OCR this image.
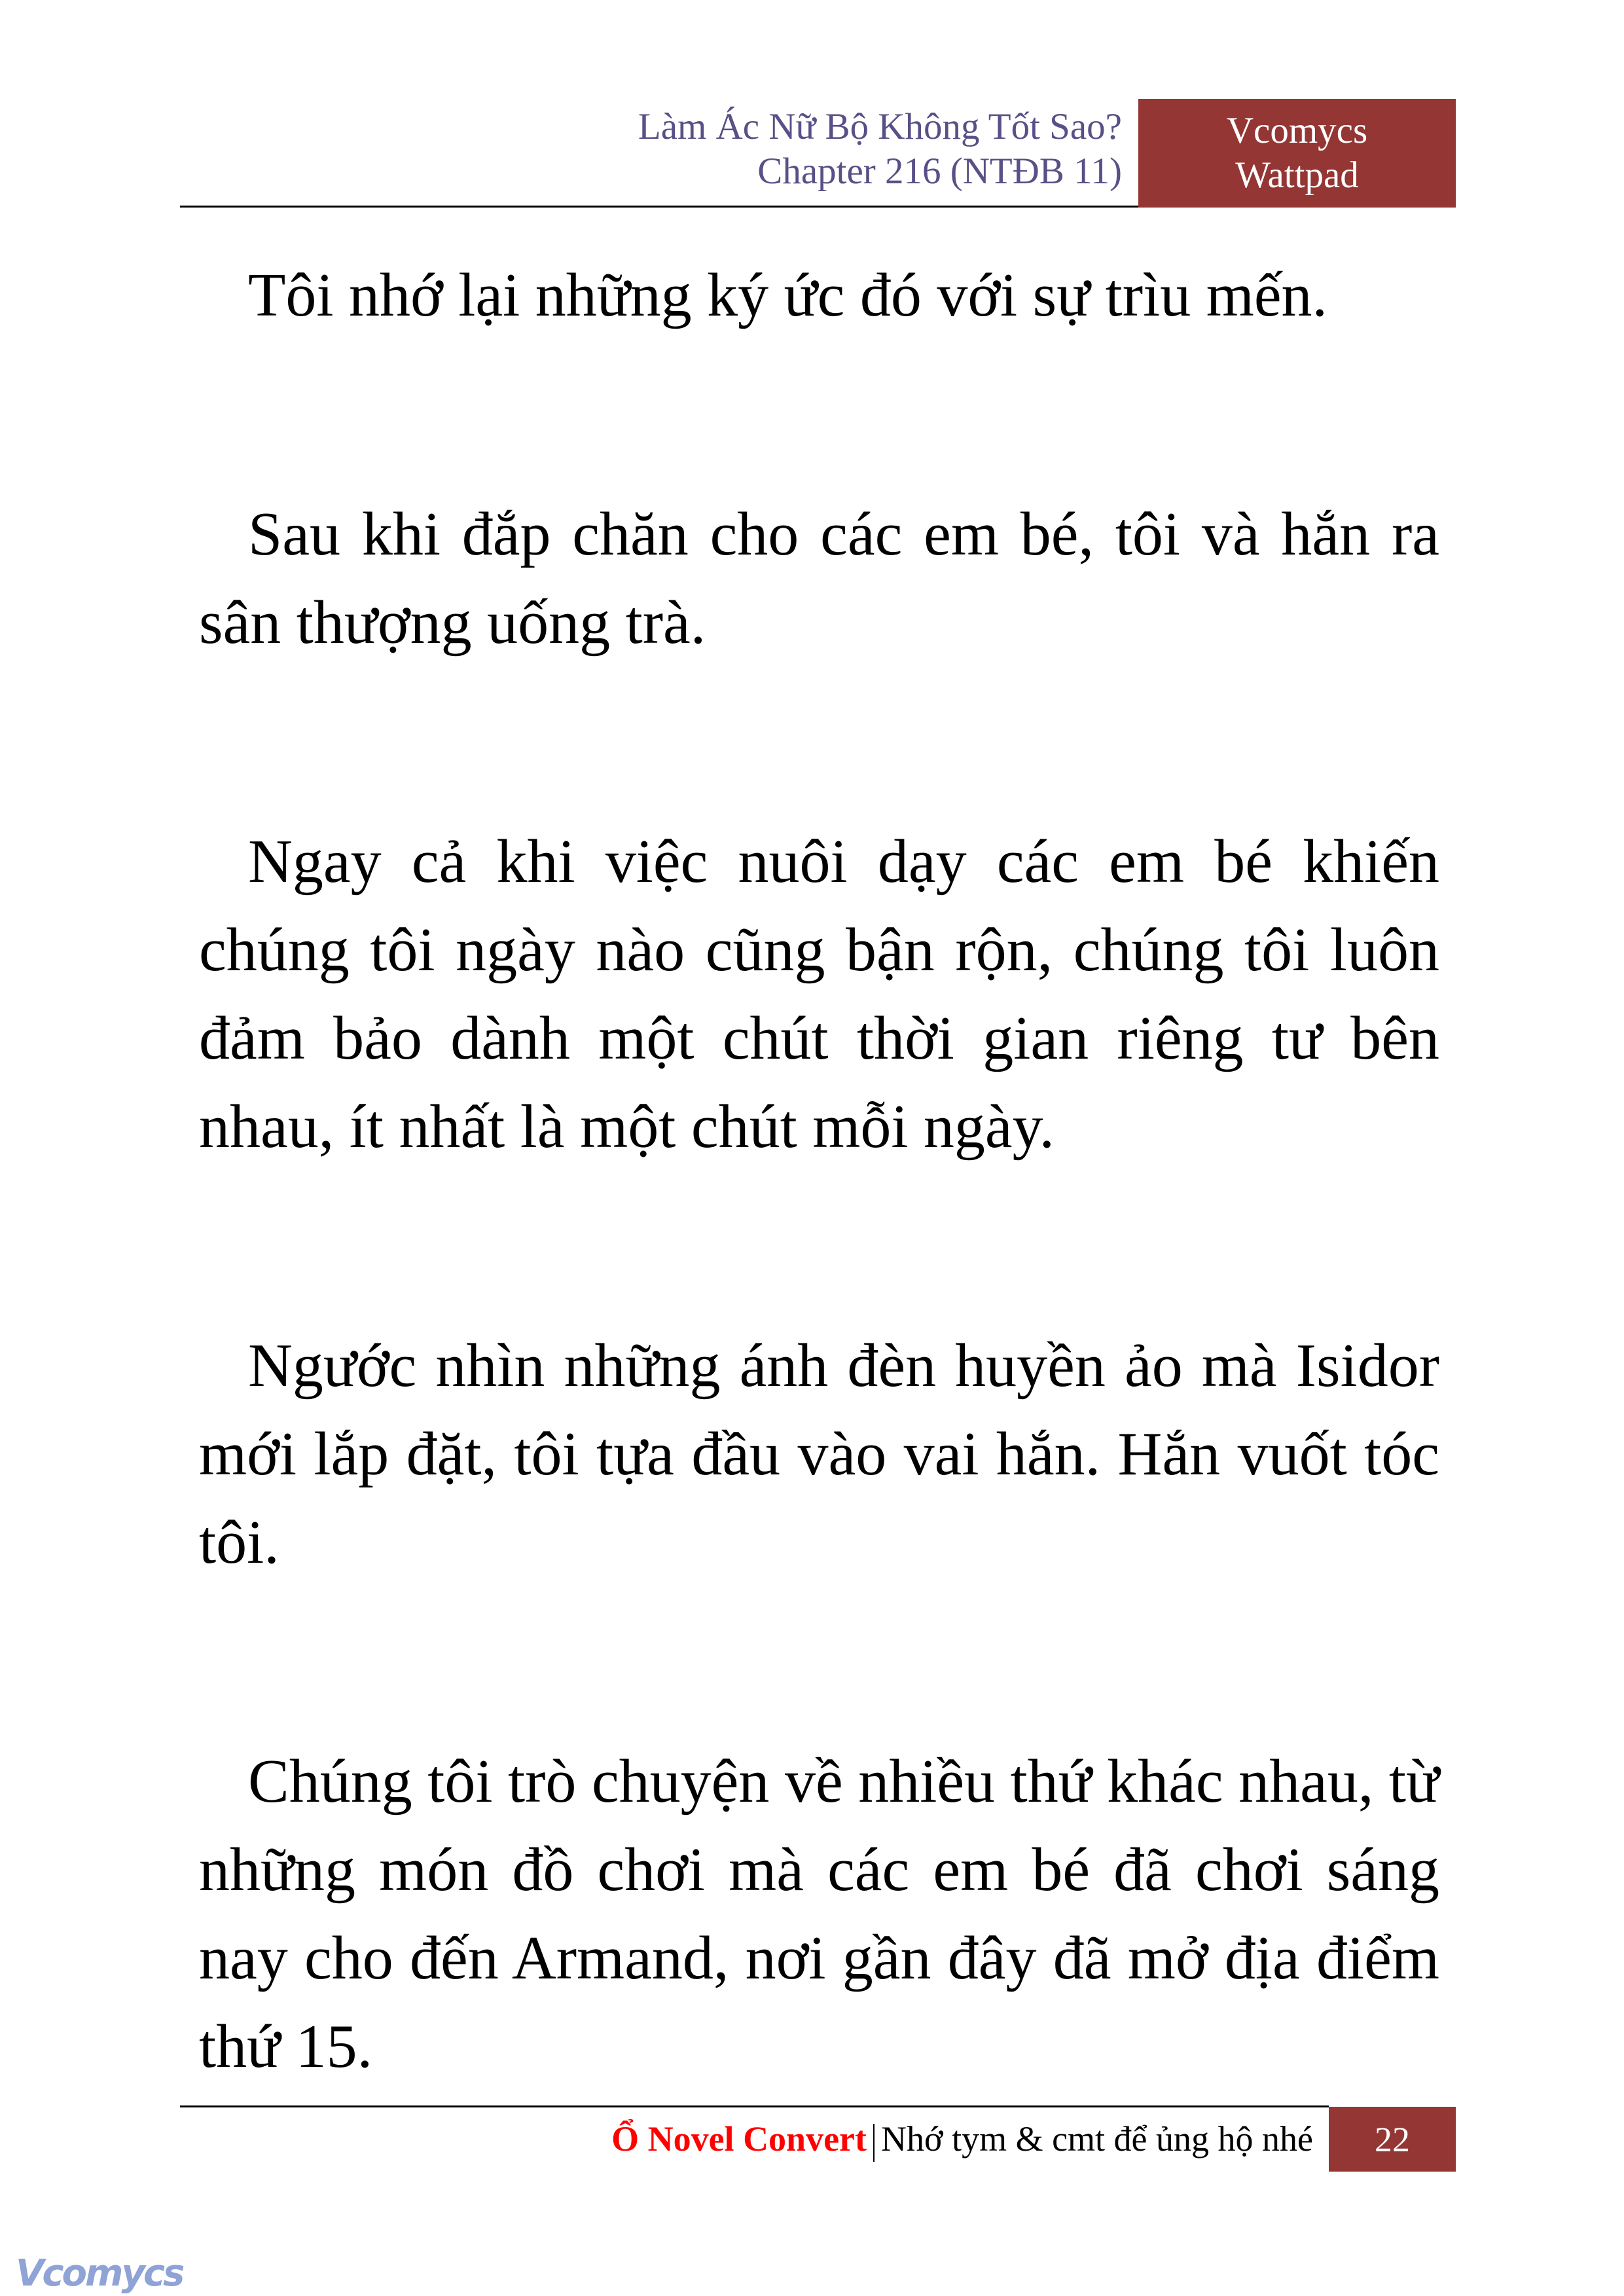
Làm Ác Nữ Bộ Không Tốt Sao?
Chapter 216 (NTĐB 11)
Vcomycs
Wattpad

Tôi nhớ lại những ký ức đó với sự trìu mến.

Sau khi đắp chăn cho các em bé, tôi và hắn ra sân thượng uống trà.

Ngay cả khi việc nuôi dạy các em bé khiến chúng tôi ngày nào cũng bận rộn, chúng tôi luôn đảm bảo dành một chút thời gian riêng tư bên nhau, ít nhất là một chút mỗi ngày.

Ngước nhìn những ánh đèn huyền ảo mà Isidor mới lắp đặt, tôi tựa đầu vào vai hắn. Hắn vuốt tóc tôi.

Chúng tôi trò chuyện về nhiều thứ khác nhau, từ những món đồ chơi mà các em bé đã chơi sáng nay cho đến Armand, nơi gần đây đã mở địa điểm thứ 15.

Ổ Novel Convert Nhớ tym & cmt để ủng hộ nhé	22
Vcomycs
